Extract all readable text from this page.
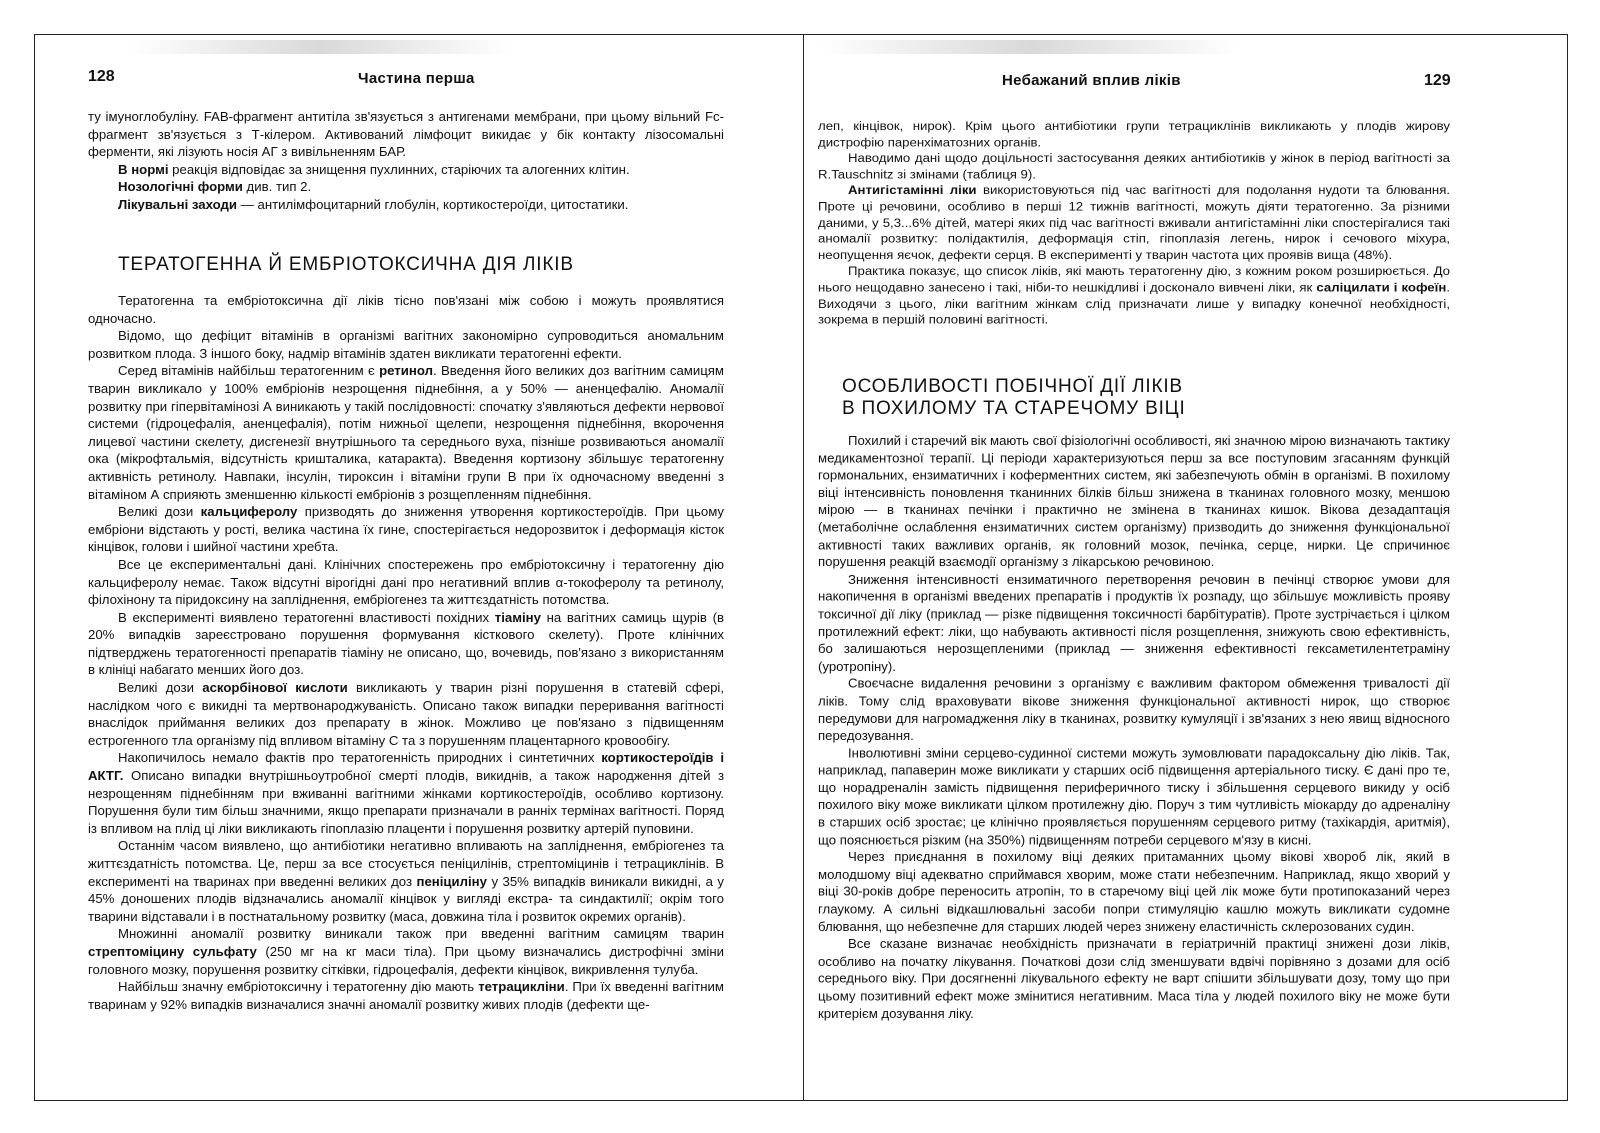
128	Частина перша	Небажаний вплив ліків	129

ту імуноглобуліну. FAB-фрагмент антитіла зв'язується з антигенами мембрани, при цьому вільний Fc-фрагмент зв'язується з Т-кілером. Активований лімфоцит викидає у бік контакту лізосомальні ферменти, які лізують носія АГ з вивільненням БАР.

В нормі реакція відповідає за знищення пухлинних, старіючих та алогенних клітин.

Нозологічні форми див. тип 2.

Лікувальні заходи — антилімфоцитарний глобулін, кортикостероїди, цитостатики.

ТЕРАТОГЕННА Й ЕМБРІОТОКСИЧНА ДІЯ ЛІКІВ

Тератогенна та ембріотоксична дії ліків тісно пов'язані між собою і можуть проявлятися одночасно.

Відомо, що дефіцит вітамінів в організмі вагітних закономірно супроводиться аномальним розвитком плода. З іншого боку, надмір вітамінів здатен викликати тератогенні ефекти.

Серед вітамінів найбільш тератогенним є ретинол. Введення його великих доз вагітним самицям тварин викликало у 100% ембріонів незрощення піднебіння, а у 50% — аненцефалію. Аномалії розвитку при гіпервітамінозі А виникають у такій послідовності: спочатку з'являються дефекти нервової системи (гідроцефалія, аненцефалія), потім нижньої щелепи, незрощення піднебіння, вкорочення лицевої частини скелету, дисгенезії внутрішнього та середнього вуха, пізніше розвиваються аномалії ока (мікрофтальмія, відсутність кришталика, катаракта). Введення кортизону збільшує тератогенну активність ретинолу. Навпаки, інсулін, тироксин і вітаміни групи В при їх одночасному введенні з вітаміном А сприяють зменшенню кількості ембріонів з розщепленням піднебіння.

Великі дози кальциферолу призводять до зниження утворення кортикостероїдів. При цьому ембріони відстають у рості, велика частина їх гине, спостерігається недорозвиток і деформація кісток кінцівок, голови і шийної частини хребта.

Все це експериментальні дані. Клінічних спостережень про ембріотоксичну і тератогенну дію кальциферолу немає. Також відсутні вірогідні дані про негативний вплив α-токоферолу та ретинолу, філохінону та піридоксину на запліднення, ембріогенез та життєздатність потомства.

В експерименті виявлено тератогенні властивості похідних тіаміну на вагітних самиць щурів (в 20% випадків зареєстровано порушення формування кісткового скелету). Проте клінічних підтверджень тератогенності препаратів тіаміну не описано, що, вочевидь, пов'язано з використанням в клініці набагато менших його доз.

Великі дози аскорбінової кислоти викликають у тварин різні порушення в статевій сфері, наслідком чого є викидні та мертвонароджуваність. Описано також випадки переривання вагітності внаслідок приймання великих доз препарату в жінок. Можливо це пов'язано з підвищенням естрогенного тла організму під впливом вітаміну С та з порушенням плацентарного кровообігу.

Накопичилось немало фактів про тератогенність природних і синтетичних кортикостероїдів і АКТГ. Описано випадки внутрішньоутробної смерті плодів, викиднів, а також народження дітей з незрощенням піднебінням при вживанні вагітними жінками кортикостероїдів, особливо кортизону. Порушення були тим більш значними, якщо препарати призначали в ранніх термінах вагітності. Поряд із впливом на плід ці ліки викликають гіпоплазію плаценти і порушення розвитку артерій пуповини.

Останнім часом виявлено, що антибіотики негативно впливають на запліднення, ембріогенез та життєздатність потомства. Це, перш за все стосується пеніцилінів, стрептоміцинів і тетрациклінів. В експерименті на тваринах при введенні великих доз пеніциліну у 35% випадків виникали викидні, а у 45% доношених плодів відзначались аномалії кінцівок у вигляді екстра- та синдактилії; окрім того тварини відставали і в постнатальному розвитку (маса, довжина тіла і розвиток окремих органів).

Множинні аномалії розвитку виникали також при введенні вагітним самицям тварин стрептоміцину сульфату (250 мг на кг маси тіла). При цьому визначались дистрофічні зміни головного мозку, порушення розвитку сітківки, гідроцефалія, дефекти кінцівок, викривлення тулуба.

Найбільш значну ембріотоксичну і тератогенну дію мають тетрацикліни. При їх введенні вагітним тваринам у 92% випадків визначалися значні аномалії розвитку живих плодів (дефекти ще-

леп, кінцівок, нирок). Крім цього антибіотики групи тетрациклінів викликають у плодів жирову дистрофію паренхіматозних органів.

Наводимо дані щодо доцільності застосування деяких антибіотиків у жінок в період вагітності за R.Tauschnitz зі змінами (таблиця 9).

Антигістамінні ліки використовуються під час вагітності для подолання нудоти та блювання. Проте ці речовини, особливо в перші 12 тижнів вагітності, можуть діяти тератогенно. За різними даними, у 5,3...6% дітей, матері яких під час вагітності вживали антигістамінні ліки спостерігалися такі аномалії розвитку: полідактилія, деформація стіп, гіпоплазія легень, нирок і сечового міхура, неопущення яєчок, дефекти серця. В експерименті у тварин частота цих проявів вища (48%).

Практика показує, що список ліків, які мають тератогенну дію, з кожним роком розширюється. До нього нещодавно занесено і такі, ніби-то нешкідливі і досконало вивчені ліки, як саліцилати і кофеїн. Виходячи з цього, ліки вагітним жінкам слід призначати лише у випадку конечної необхідності, зокрема в першій половині вагітності.

ОСОБЛИВОСТІ ПОБІЧНОЇ ДІЇ ЛІКІВ
В ПОХИЛОМУ ТА СТАРЕЧОМУ ВІЦІ

Похилий і старечий вік мають свої фізіологічні особливості, які значною мірою визначають тактику медикаментозної терапії. Ці періоди характеризуються перш за все поступовим згасанням функцій гормональних, ензиматичних і коферментних систем, які забезпечують обмін в організмі. В похилому віці інтенсивність поновлення тканинних білків більш знижена в тканинах головного мозку, меншою мірою — в тканинах печінки і практично не змінена в тканинах кишок. Вікова дезадаптація (метаболічне ослаблення ензиматичних систем організму) призводить до зниження функціональної активності таких важливих органів, як головний мозок, печінка, серце, нирки. Це спричинює порушення реакцій взаємодії організму з лікарською речовиною.

Зниження інтенсивності ензиматичного перетворення речовин в печінці створює умови для накопичення в організмі введених препаратів і продуктів їх розпаду, що збільшує можливість прояву токсичної дії ліку (приклад — різке підвищення токсичності барбітуратів). Проте зустрічається і цілком протилежний ефект: ліки, що набувають активності після розщеплення, знижують свою ефективність, бо залишаються нерозщепленими (приклад — зниження ефективності гексаметилентетраміну (уротропіну).

Своєчасне видалення речовини з організму є важливим фактором обмеження тривалості дії ліків. Тому слід враховувати вікове зниження функціональної активності нирок, що створює передумови для нагромадження ліку в тканинах, розвитку кумуляції і зв'язаних з нею явищ відносного передозування.

Інволютивні зміни серцево-судинної системи можуть зумовлювати парадоксальну дію ліків. Так, наприклад, папаверин може викликати у старших осіб підвищення артеріального тиску. Є дані про те, що норадреналін замість підвищення периферичного тиску і збільшення серцевого викиду у осіб похилого віку може викликати цілком протилежну дію. Поруч з тим чутливість міокарду до адреналіну в старших осіб зростає; це клінічно проявляється порушенням серцевого ритму (тахікардія, аритмія), що пояснюється різким (на 350%) підвищенням потреби серцевого м'язу в кисні.

Через приєднання в похилому віці деяких притаманних цьому вікові хвороб лік, який в молодшому віці адекватно сприймався хворим, може стати небезпечним. Наприклад, якщо хворий у віці 30-років добре переносить атропін, то в старечому віці цей лік може бути протипоказаний через глаукому. А сильні відкашлювальні засоби попри стимуляцію кашлю можуть викликати судомне блювання, що небезпечне для старших людей через знижену еластичність склерозованих судин.

Все сказане визначає необхідність призначати в геріатричній практиці знижені дози ліків, особливо на початку лікування. Початкові дози слід зменшувати вдвічі порівняно з дозами для осіб середнього віку. При досягненні лікувального ефекту не варт спішити збільшувати дозу, тому що при цьому позитивний ефект може змінитися негативним. Маса тіла у людей похилого віку не може бути критерієм дозування ліку.
